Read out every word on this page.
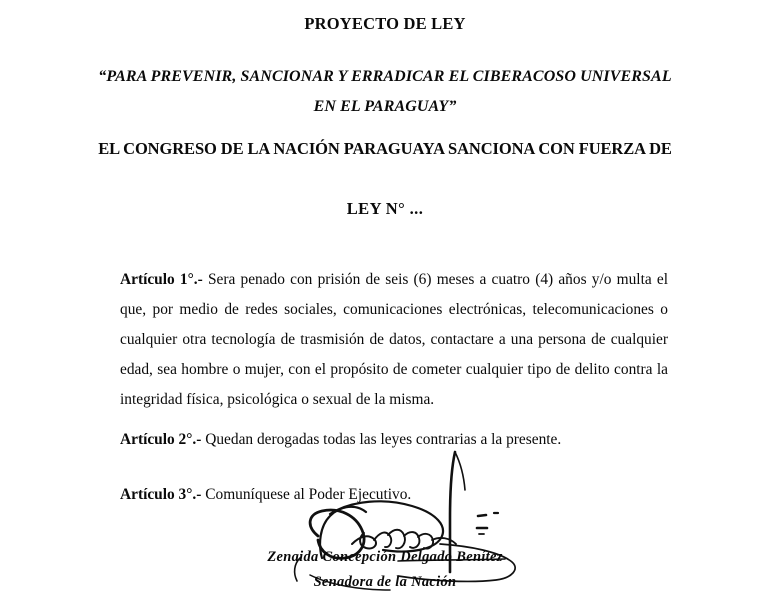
PROYECTO DE LEY
“PARA PREVENIR, SANCIONAR Y ERRADICAR EL CIBERACOSO UNIVERSAL
EN EL PARAGUAY”
EL CONGRESO DE LA NACIÓN PARAGUAYA SANCIONA CON FUERZA DE
LEY N° ...

Artículo 1°.- Sera penado con prisión de seis (6) meses a cuatro (4) años y/o multa el que, por medio de redes sociales, comunicaciones electrónicas, telecomunicaciones o cualquier otra tecnología de trasmisión de datos, contactare a una persona de cualquier edad, sea hombre o mujer, con el propósito de cometer cualquier tipo de delito contra la integridad física, psicológica o sexual de la misma.

Artículo 2°.- Quedan derogadas todas las leyes contrarias a la presente.

Artículo 3°.- Comuníquese al Poder Ejecutivo.

Zenaida Concepción Delgado Benítez
Senadora de la Nación
